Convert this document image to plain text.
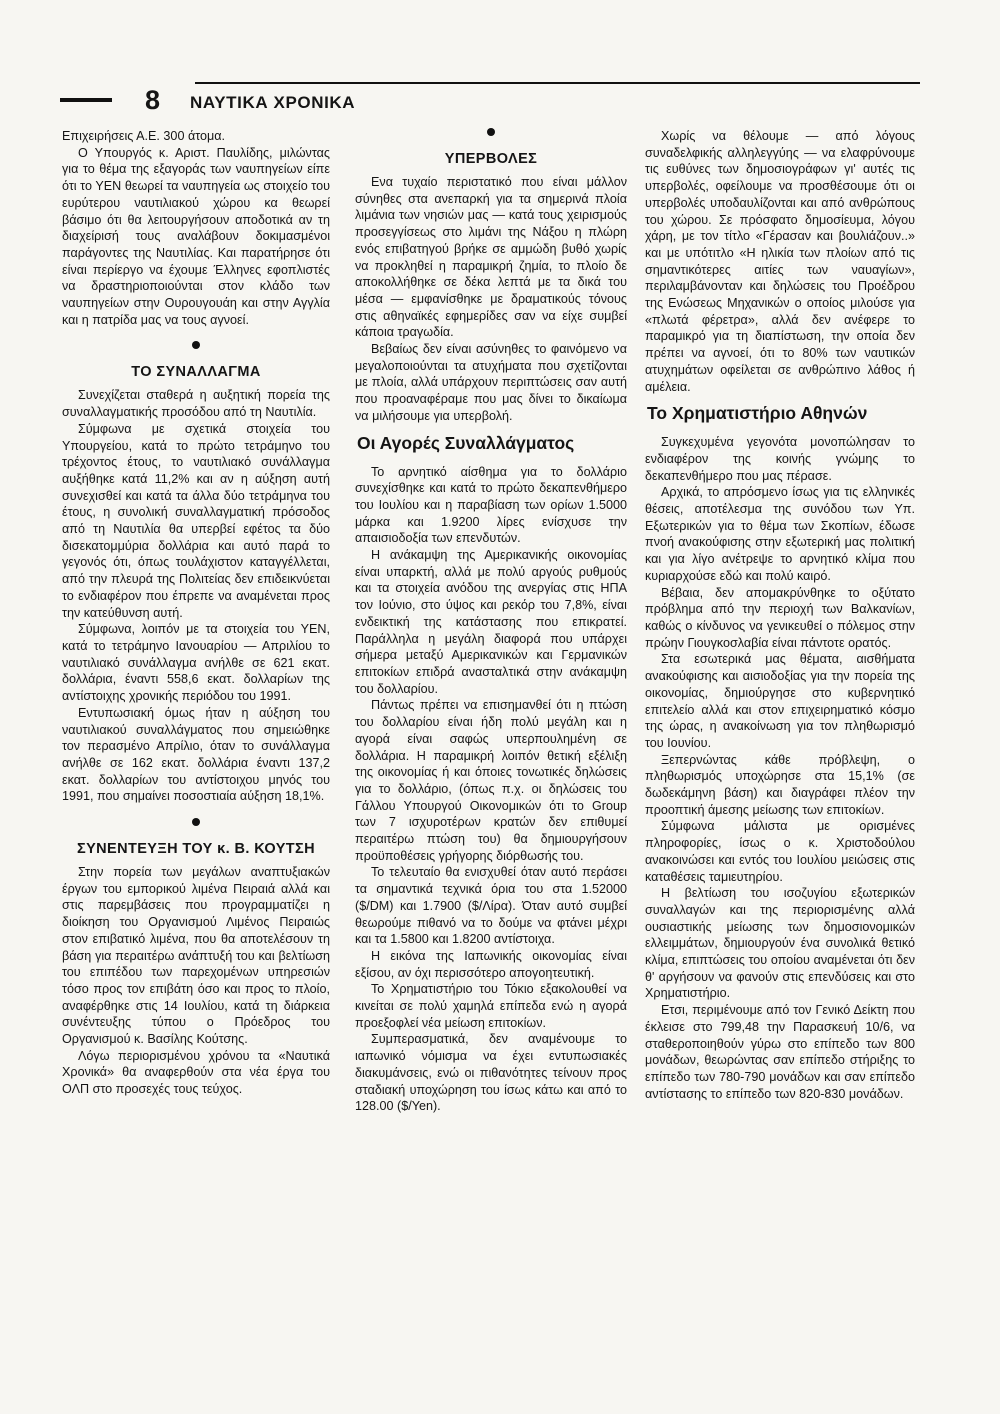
8 ΝΑΥΤΙΚΑ ΧΡΟΝΙΚΑ

Επιχειρήσεις Α.Ε. 300 άτομα.

Ο Υπουργός κ. Αριστ. Παυλίδης, μιλώντας για το θέμα της εξαγοράς των ναυπηγείων είπε ότι το ΥΕΝ θεωρεί τα ναυπηγεία ως στοιχείο του ευρύτερου ναυτιλιακού χώρου κα θεωρεί βάσιμο ότι θα λειτουργήσουν αποδοτικά αν τη διαχείρισή τους αναλάβουν δοκιμασμένοι παράγοντες της Ναυτιλίας. Και παρατήρησε ότι είναι περίεργο να έχουμε Έλληνες εφοπλιστές να δραστηριοποιούνται στον κλάδο των ναυπηγείων στην Ουρουγουάη και στην Αγγλία και η πατρίδα μας να τους αγνοεί.

ΤΟ ΣΥΝΑΛΛΑΓΜΑ

Συνεχίζεται σταθερά η αυξητική πορεία της συναλλαγματικής προσόδου από τη Ναυτιλία.

Σύμφωνα με σχετικά στοιχεία του Υπουργείου, κατά το πρώτο τετράμηνο του τρέχοντος έτους, το ναυτιλιακό συνάλλαγμα αυξήθηκε κατά 11,2% και αν η αύξηση αυτή συνεχισθεί και κατά τα άλλα δύο τετράμηνα του έτους, η συνολική συναλλαγματική πρόσοδος από τη Ναυτιλία θα υπερβεί εφέτος τα δύο δισεκατομμύρια δολλάρια και αυτό παρά το γεγονός ότι, όπως τουλάχιστον καταγγέλλεται, από την πλευρά της Πολιτείας δεν επιδεικνύεται το ενδιαφέρον που έπρεπε να αναμένεται προς την κατεύθυνση αυτή.

Σύμφωνα, λοιπόν με τα στοιχεία του ΥΕΝ, κατά το τετράμηνο Ιανουαρίου — Απριλίου το ναυτιλιακό συνάλλαγμα ανήλθε σε 621 εκατ. δολλάρια, έναντι 558,6 εκατ. δολλαρίων της αντίστοιχης χρονικής περιόδου του 1991.

Εντυπωσιακή όμως ήταν η αύξηση του ναυτιλιακού συναλλάγματος που σημειώθηκε τον περασμένο Απρίλιο, όταν το συνάλλαγμα ανήλθε σε 162 εκατ. δολλάρια έναντι 137,2 εκατ. δολλαρίων του αντίστοιχου μηνός του 1991, που σημαίνει ποσοστιαία αύξηση 18,1%.

ΣΥΝΕΝΤΕΥΞΗ ΤΟΥ κ. Β. ΚΟΥΤΣΗ

Στην πορεία των μεγάλων αναπτυξιακών έργων του εμπορικού λιμένα Πειραιά αλλά και στις παρεμβάσεις που προγραμματίζει η διοίκηση του Οργανισμού Λιμένος Πειραιώς στον επιβατικό λιμένα, που θα αποτελέσουν τη βάση για περαιτέρω ανάπτυξή του και βελτίωση του επιπέδου των παρεχομένων υπηρεσιών τόσο προς τον επιβάτη όσο και προς το πλοίο, αναφέρθηκε στις 14 Ιουλίου, κατά τη διάρκεια συνέντευξης τύπου ο Πρόεδρος του Οργανισμού κ. Βασίλης Κούτσης.

Λόγω περιορισμένου χρόνου τα «Ναυτικά Χρονικά» θα αναφερθούν στα νέα έργα του ΟΛΠ στο προσεχές τους τεύχος.

ΥΠΕΡΒΟΛΕΣ

Ενα τυχαίο περιστατικό που είναι μάλλον σύνηθες στα ανεπαρκή για τα σημερινά πλοία λιμάνια των νησιών μας — κατά τους χειρισμούς προσεγγίσεως στο λιμάνι της Νάξου η πλώρη ενός επιβατηγού βρήκε σε αμμώδη βυθό χωρίς να προκληθεί η παραμικρή ζημία, το πλοίο δε αποκολλήθηκε σε δέκα λεπτά με τα δικά του μέσα — εμφανίσθηκε με δραματικούς τόνους στις αθηναϊκές εφημερίδες σαν να είχε συμβεί κάποια τραγωδία.

Βεβαίως δεν είναι ασύνηθες το φαινόμενο να μεγαλοποιούνται τα ατυχήματα που σχετίζονται με πλοία, αλλά υπάρχουν περιπτώσεις σαν αυτή που προαναφέραμε που μας δίνει το δικαίωμα να μιλήσουμε για υπερβολή.

Οι Αγορές Συναλλάγματος

Το αρνητικό αίσθημα για το δολλάριο συνεχίσθηκε και κατά το πρώτο δεκαπενθήμερο του Ιουλίου και η παραβίαση των ορίων 1.5000 μάρκα και 1.9200 λίρες ενίσχυσε την απαισιοδοξία των επενδυτών.

Η ανάκαμψη της Αμερικανικής οικονομίας είναι υπαρκτή, αλλά με πολύ αργούς ρυθμούς και τα στοιχεία ανόδου της ανεργίας στις ΗΠΑ τον Ιούνιο, στο ύψος και ρεκόρ του 7,8%, είναι ενδεικτική της κατάστασης που επικρατεί. Παράλληλα η μεγάλη διαφορά που υπάρχει σήμερα μεταξύ Αμερικανικών και Γερμανικών επιτοκίων επιδρά ανασταλτικά στην ανάκαμψη του δολλαρίου.

Πάντως πρέπει να επισημανθεί ότι η πτώση του δολλαρίου είναι ήδη πολύ μεγάλη και η αγορά είναι σαφώς υπερπουλημένη σε δολλάρια. Η παραμικρή λοιπόν θετική εξέλιξη της οικονομίας ή και όποιες τονωτικές δηλώσεις για το δολλάριο, (όπως π.χ. οι δηλώσεις του Γάλλου Υπουργού Οικονομικών ότι το Group των 7 ισχυροτέρων κρατών δεν επιθυμεί περαιτέρω πτώση του) θα δημιουργήσουν προϋποθέσεις γρήγορης διόρθωσής του.

Το τελευταίο θα ενισχυθεί όταν αυτό περάσει τα σημαντικά τεχνικά όρια του στα 1.52000 ($/DM) και 1.7900 ($/Λίρα). Όταν αυτό συμβεί θεωρούμε πιθανό να το δούμε να φτάνει μέχρι και τα 1.5800 και 1.8200 αντίστοιχα.

Η εικόνα της Ιαπωνικής οικονομίας είναι εξίσου, αν όχι περισσότερο απογοητευτική.

Το Χρηματιστήριο του Τόκιο εξακολουθεί να κινείται σε πολύ χαμηλά επίπεδα ενώ η αγορά προεξοφλεί νέα μείωση επιτοκίων.

Συμπερασματικά, δεν αναμένουμε το ιαπωνικό νόμισμα να έχει εντυπωσιακές διακυμάνσεις, ενώ οι πιθανότητες τείνουν προς σταδιακή υποχώρηση του ίσως κάτω και από το 128.00 ($/Yen).

Χωρίς να θέλουμε — από λόγους συναδελφικής αλληλεγγύης — να ελαφρύνουμε τις ευθύνες των δημοσιογράφων γι' αυτές τις υπερβολές, οφείλουμε να προσθέσουμε ότι οι υπερβολές υποδαυλίζονται και από ανθρώπους του χώρου. Σε πρόσφατο δημοσίευμα, λόγου χάρη, με τον τίτλο «Γέρασαν και βουλιάζουν..» και με υπότιτλο «Η ηλικία των πλοίων από τις σημαντικότερες αιτίες των ναυαγίων», περιλαμβάνονταν και δηλώσεις του Προέδρου της Ενώσεως Μηχανικών ο οποίος μιλούσε για «πλωτά φέρετρα», αλλά δεν ανέφερε το παραμικρό για τη διαπίστωση, την οποία δεν πρέπει να αγνοεί, ότι το 80% των ναυτικών ατυχημάτων οφείλεται σε ανθρώπινο λάθος ή αμέλεια.

Το Χρηματιστήριο Αθηνών

Συγκεχυμένα γεγονότα μονοπώλησαν το ενδιαφέρον της κοινής γνώμης το δεκαπενθήμερο που μας πέρασε.

Αρχικά, το απρόσμενο ίσως για τις ελληνικές θέσεις, αποτέλεσμα της συνόδου των Υπ. Εξωτερικών για το θέμα των Σκοπίων, έδωσε πνοή ανακούφισης στην εξωτερική μας πολιτική και για λίγο ανέτρεψε το αρνητικό κλίμα που κυριαρχούσε εδώ και πολύ καιρό.

Βέβαια, δεν απομακρύνθηκε το οξύτατο πρόβλημα από την περιοχή των Βαλκανίων, καθώς ο κίνδυνος να γενικευθεί ο πόλεμος στην πρώην Γιουγκοσλαβία είναι πάντοτε ορατός.

Στα εσωτερικά μας θέματα, αισθήματα ανακούφισης και αισιοδοξίας για την πορεία της οικονομίας, δημιούργησε στο κυβερνητικό επιτελείο αλλά και στον επιχειρηματικό κόσμο της ώρας, η ανακοίνωση για τον πληθωρισμό του Ιουνίου.

Ξεπερνώντας κάθε πρόβλεψη, ο πληθωρισμός υποχώρησε στα 15,1% (σε δωδεκάμηνη βάση) και διαγράφει πλέον την προοπτική άμεσης μείωσης των επιτοκίων.

Σύμφωνα μάλιστα με ορισμένες πληροφορίες, ίσως ο κ. Χριστοδούλου ανακοινώσει και εντός του Ιουλίου μειώσεις στις καταθέσεις ταμιευτηρίου.

Η βελτίωση του ισοζυγίου εξωτερικών συναλλαγών και της περιορισμένης αλλά ουσιαστικής μείωσης των δημοσιονομικών ελλειμμάτων, δημιουργούν ένα συνολικά θετικό κλίμα, επιπτώσεις του οποίου αναμένεται ότι δεν θ' αργήσουν να φανούν στις επενδύσεις και στο Χρηματιστήριο.

Ετσι, περιμένουμε από τον Γενικό Δείκτη που έκλεισε στο 799,48 την Παρασκευή 10/6, να σταθεροποιηθούν γύρω στο επίπεδο των 800 μονάδων, θεωρώντας σαν επίπεδο στήριξης το επίπεδο των 780-790 μονάδων και σαν επίπεδο αντίστασης το επίπεδο των 820-830 μονάδων.
